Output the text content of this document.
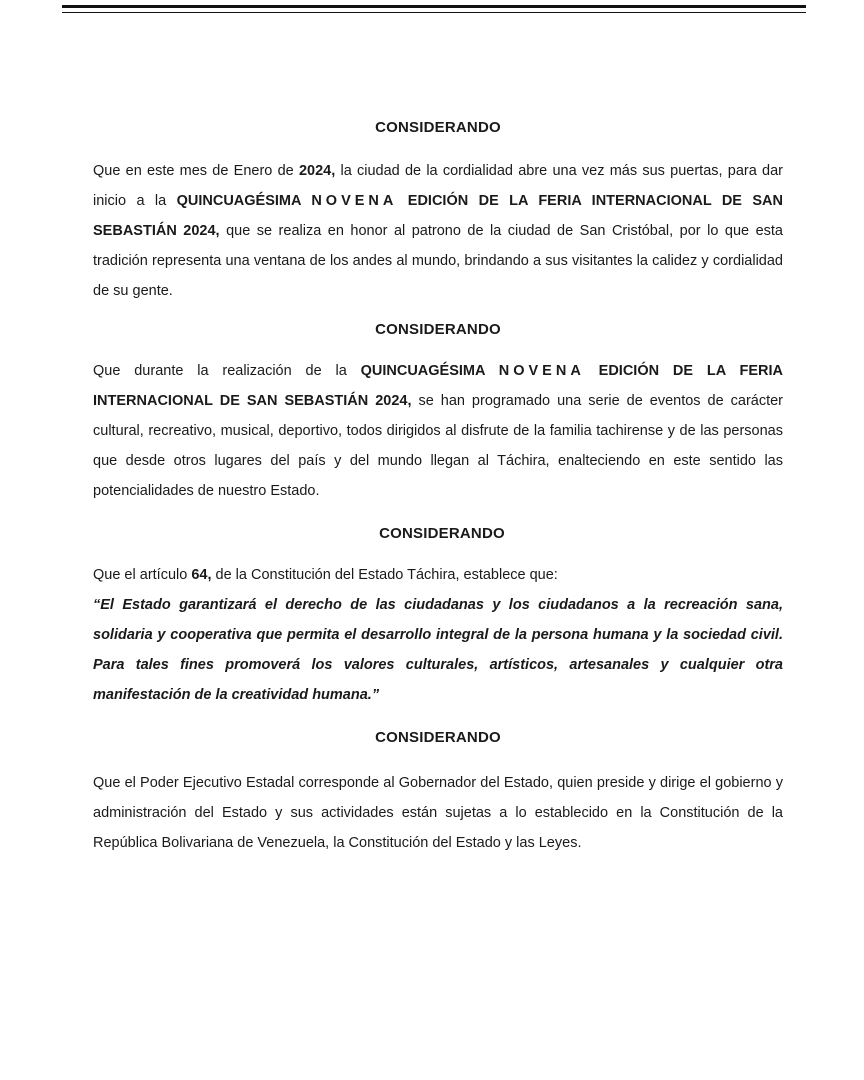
CONSIDERANDO

Que en este mes de Enero de 2024, la ciudad de la cordialidad abre una vez más sus puertas, para dar inicio a la QUINCUAGÉSIMA NOVENA EDICIÓN DE LA FERIA INTERNACIONAL DE SAN SEBASTIÁN 2024, que se realiza en honor al patrono de la ciudad de San Cristóbal, por lo que esta tradición representa una ventana de los andes al mundo, brindando a sus visitantes la calidez y cordialidad de su gente.

CONSIDERANDO

Que durante la realización de la QUINCUAGÉSIMA NOVENA EDICIÓN DE LA FERIA INTERNACIONAL DE SAN SEBASTIÁN 2024, se han programado una serie de eventos de carácter cultural, recreativo, musical, deportivo, todos dirigidos al disfrute de la familia tachirense y de las personas que desde otros lugares del país y del mundo llegan al Táchira, enalteciendo en este sentido las potencialidades de nuestro Estado.

CONSIDERANDO

Que el artículo 64, de la Constitución del Estado Táchira, establece que:
“El Estado garantizará el derecho de las ciudadanas y los ciudadanos a la recreación sana, solidaria y cooperativa que permita el desarrollo integral de la persona humana y la sociedad civil. Para tales fines promoverá los valores culturales, artísticos, artesanales y cualquier otra manifestación de la creatividad humana.”

CONSIDERANDO

Que el Poder Ejecutivo Estadal corresponde al Gobernador del Estado, quien preside y dirige el gobierno y administración del Estado y sus actividades están sujetas a lo establecido en la Constitución de la República Bolivariana de Venezuela, la Constitución del Estado y las Leyes.
